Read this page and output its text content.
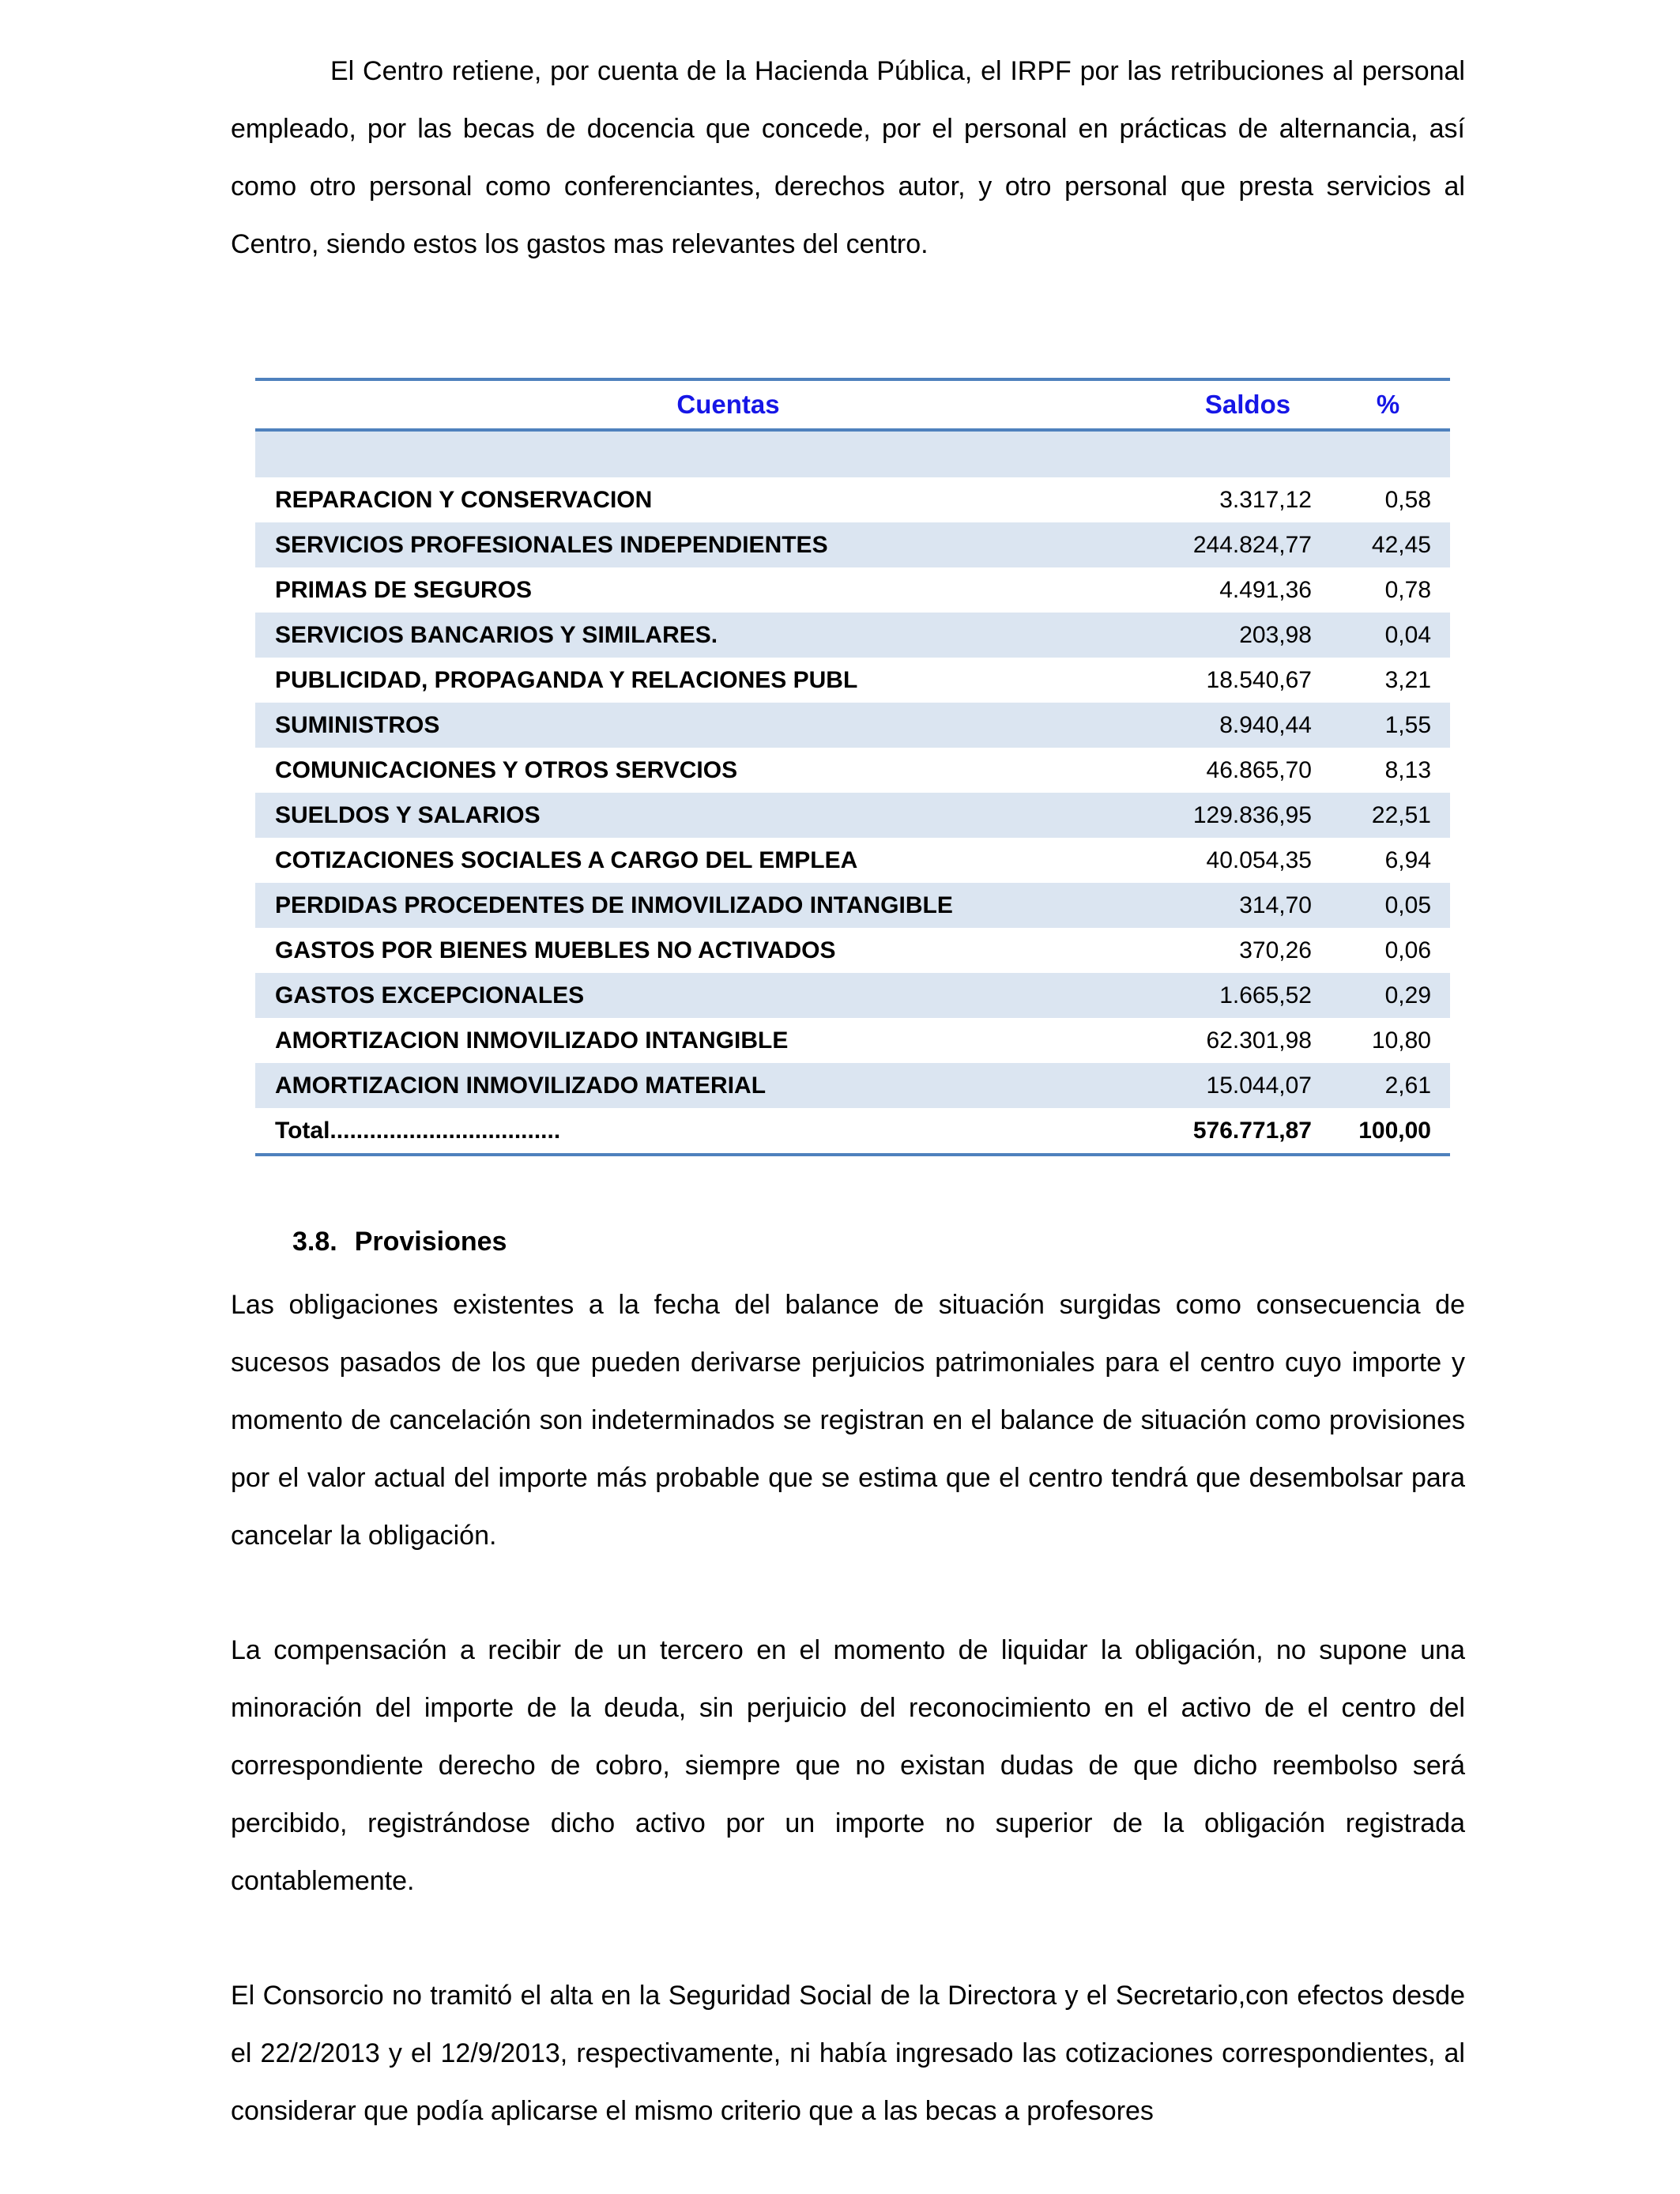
El Centro retiene, por cuenta de la Hacienda Pública, el IRPF por las retribuciones al personal empleado, por las becas de docencia que concede, por el personal en prácticas de alternancia, así como otro personal como conferenciantes, derechos autor, y otro personal que presta servicios al Centro, siendo estos los gastos mas relevantes del centro.

Cuentas	Saldos	%

REPARACION Y CONSERVACION	3.317,12	0,58
SERVICIOS PROFESIONALES INDEPENDIENTES	244.824,77	42,45
PRIMAS DE SEGUROS	4.491,36	0,78
SERVICIOS BANCARIOS Y SIMILARES.	203,98	0,04
PUBLICIDAD, PROPAGANDA Y RELACIONES PUBL	18.540,67	3,21
SUMINISTROS	8.940,44	1,55
COMUNICACIONES Y OTROS SERVCIOS	46.865,70	8,13
SUELDOS Y SALARIOS	129.836,95	22,51
COTIZACIONES SOCIALES A CARGO DEL EMPLEA	40.054,35	6,94
PERDIDAS PROCEDENTES DE INMOVILIZADO INTANGIBLE	314,70	0,05
GASTOS POR BIENES MUEBLES NO ACTIVADOS	370,26	0,06
GASTOS EXCEPCIONALES	1.665,52	0,29
AMORTIZACION INMOVILIZADO INTANGIBLE	62.301,98	10,80
AMORTIZACION INMOVILIZADO MATERIAL	15.044,07	2,61
Total...................................	576.771,87	100,00
3.8. Provisiones

Las obligaciones existentes a la fecha del balance de situación surgidas como consecuencia de sucesos pasados de los que pueden derivarse perjuicios patrimoniales para el centro cuyo importe y momento de cancelación son indeterminados se registran en el balance de situación como provisiones por el valor actual del importe más probable que se estima que el centro tendrá que desembolsar para cancelar la obligación.

La compensación a recibir de un tercero en el momento de liquidar la obligación, no supone una minoración del importe de la deuda, sin perjuicio del reconocimiento en el activo de el centro del correspondiente derecho de cobro, siempre que no existan dudas de que dicho reembolso será percibido, registrándose dicho activo por un importe no superior de la obligación registrada contablemente.

El Consorcio no tramitó el alta en la Seguridad Social de la Directora y el Secretario,con efectos desde el 22/2/2013 y el 12/9/2013, respectivamente, ni había ingresado las cotizaciones correspondientes, al considerar que podía aplicarse el mismo criterio que a las becas a profesores
